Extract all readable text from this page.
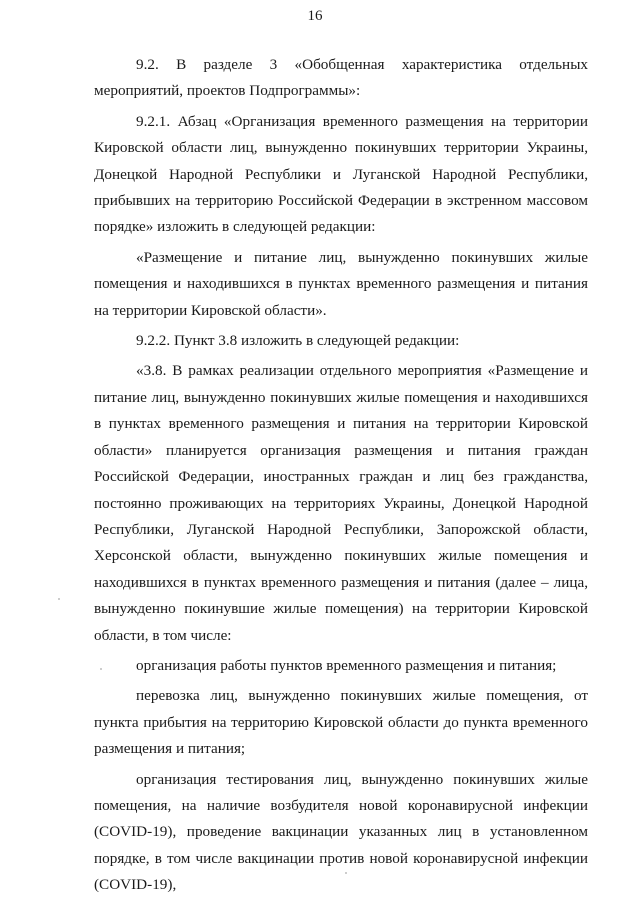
16

9.2. В разделе 3 «Обобщенная характеристика отдельных мероприятий, проектов Подпрограммы»:

9.2.1. Абзац «Организация временного размещения на территории Кировской области лиц, вынужденно покинувших территории Украины, Донецкой Народной Республики и Луганской Народной Республики, прибывших на территорию Российской Федерации в экстренном массовом порядке» изложить в следующей редакции:

«Размещение и питание лиц, вынужденно покинувших жилые помещения и находившихся в пунктах временного размещения и питания на территории Кировской области».

9.2.2. Пункт 3.8 изложить в следующей редакции:

«3.8. В рамках реализации отдельного мероприятия «Размещение и питание лиц, вынужденно покинувших жилые помещения и находившихся в пунктах временного размещения и питания на территории Кировской области» планируется организация размещения и питания граждан Российской Федерации, иностранных граждан и лиц без гражданства, постоянно проживающих на территориях Украины, Донецкой Народной Республики, Луганской Народной Республики, Запорожской области, Херсонской области, вынужденно покинувших жилые помещения и находившихся в пунктах временного размещения и питания (далее – лица, вынужденно покинувшие жилые помещения) на территории Кировской области, в том числе:

организация работы пунктов временного размещения и питания;

перевозка лиц, вынужденно покинувших жилые помещения, от пункта прибытия на территорию Кировской области до пункта временного размещения и питания;

организация тестирования лиц, вынужденно покинувших жилые помещения, на наличие возбудителя новой коронавирусной инфекции (COVID-19), проведение вакцинации указанных лиц в установленном порядке, в том числе вакцинации против новой коронавирусной инфекции (COVID-19),
